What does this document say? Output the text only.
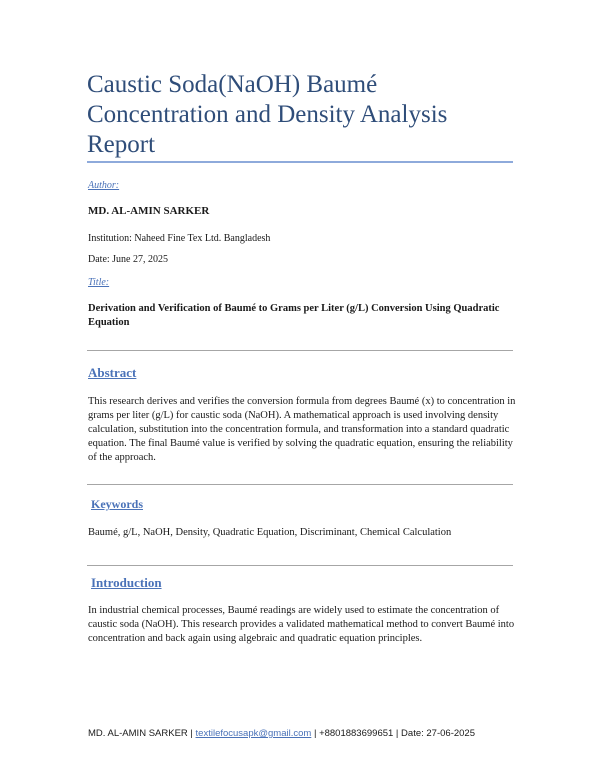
Caustic Soda(NaOH) Baumé Concentration and Density Analysis Report
Author:
MD. AL-AMIN SARKER
Institution: Naheed Fine Tex Ltd. Bangladesh
Date: June 27, 2025
Title:
Derivation and Verification of Baumé to Grams per Liter (g/L) Conversion Using Quadratic Equation
Abstract

This research derives and verifies the conversion formula from degrees Baumé (x) to concentration in grams per liter (g/L) for caustic soda (NaOH). A mathematical approach is used involving density calculation, substitution into the concentration formula, and transformation into a standard quadratic equation. The final Baumé value is verified by solving the quadratic equation, ensuring the reliability of the approach.

Keywords

Baumé, g/L, NaOH, Density, Quadratic Equation, Discriminant, Chemical Calculation

Introduction

In industrial chemical processes, Baumé readings are widely used to estimate the concentration of caustic soda (NaOH). This research provides a validated mathematical method to convert Baumé into concentration and back again using algebraic and quadratic equation principles.

MD. AL-AMIN SARKER | textilefocusapk@gmail.com | +8801883699651 | Date: 27-06-2025
